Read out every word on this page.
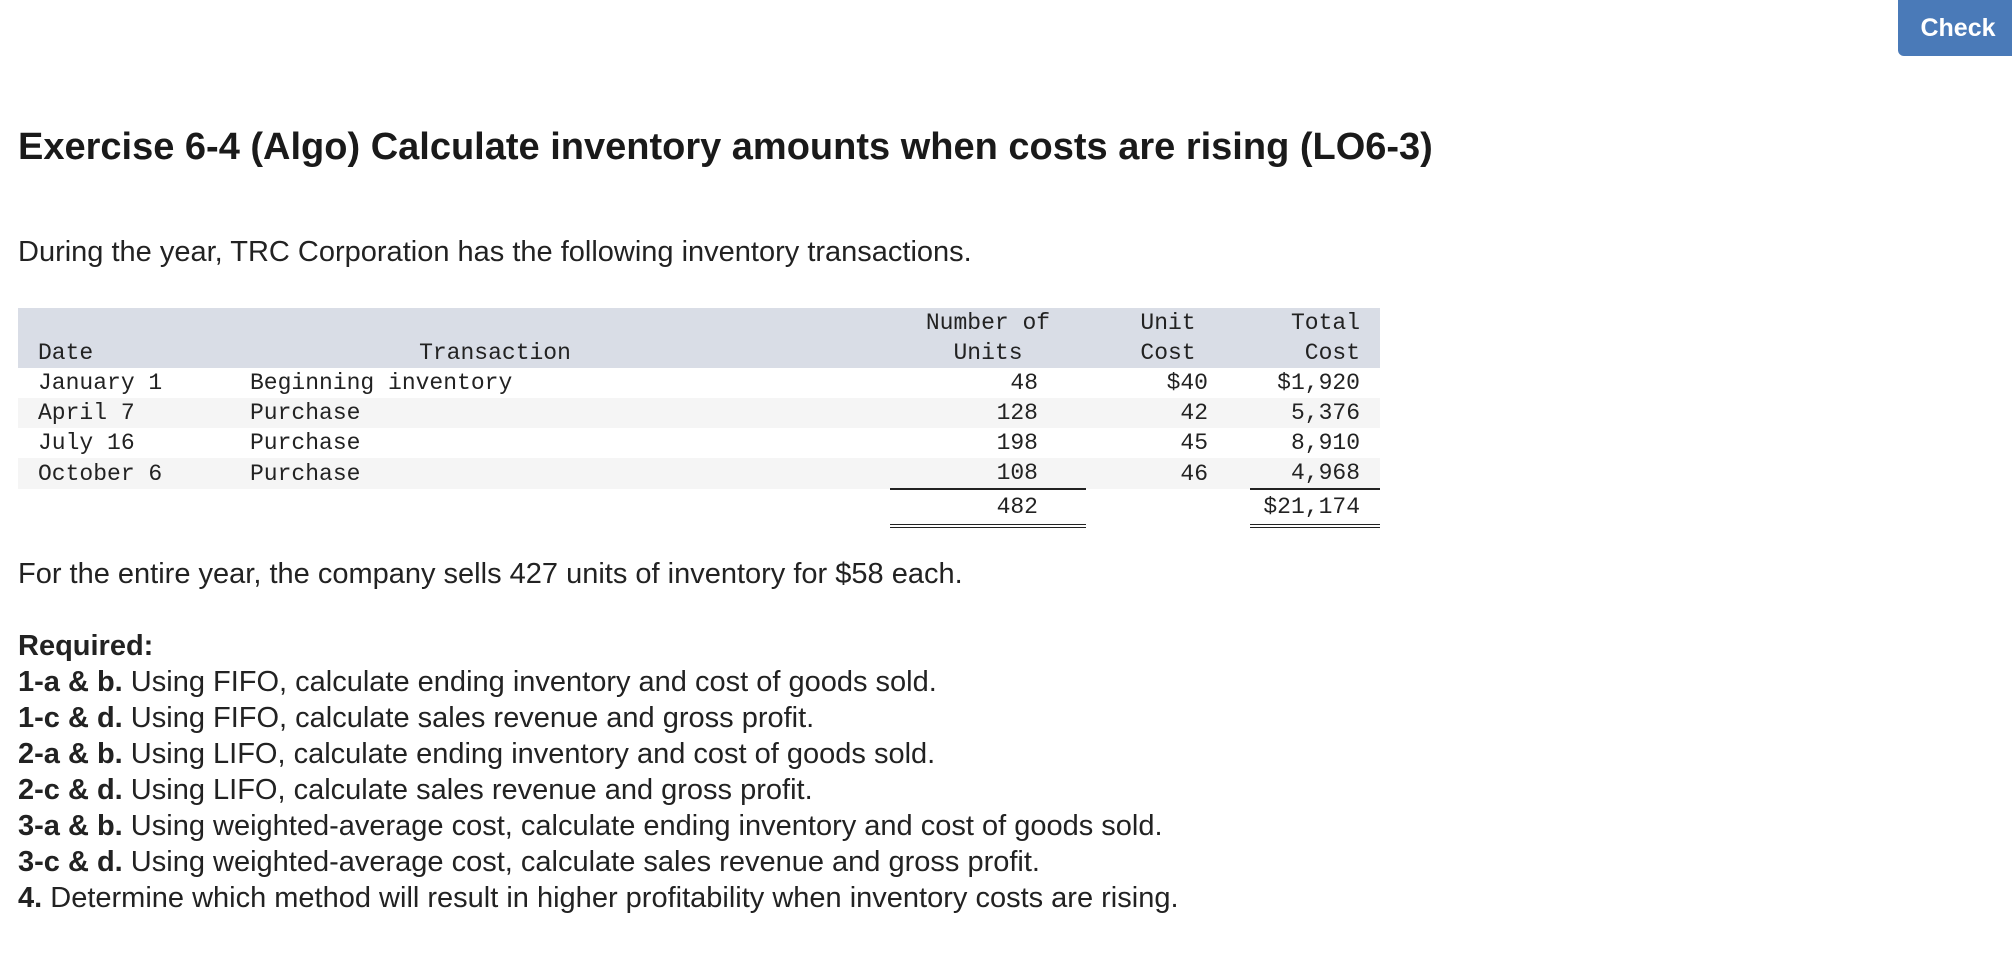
Check
Exercise 6-4 (Algo) Calculate inventory amounts when costs are rising (LO6-3)

During the year, TRC Corporation has the following inventory transactions.

		Number of	Unit	Total
Date	Transaction	Units	Cost	Cost
January 1	Beginning inventory	48	$40	$1,920
April 7	Purchase	128	42	5,376
July 16	Purchase	198	45	8,910
October 6	Purchase	108	46	4,968
		482		$21,174

For the entire year, the company sells 427 units of inventory for $58 each.

Required:
1-a & b. Using FIFO, calculate ending inventory and cost of goods sold.
1-c & d. Using FIFO, calculate sales revenue and gross profit.
2-a & b. Using LIFO, calculate ending inventory and cost of goods sold.
2-c & d. Using LIFO, calculate sales revenue and gross profit.
3-a & b. Using weighted-average cost, calculate ending inventory and cost of goods sold.
3-c & d. Using weighted-average cost, calculate sales revenue and gross profit.
4. Determine which method will result in higher profitability when inventory costs are rising.
